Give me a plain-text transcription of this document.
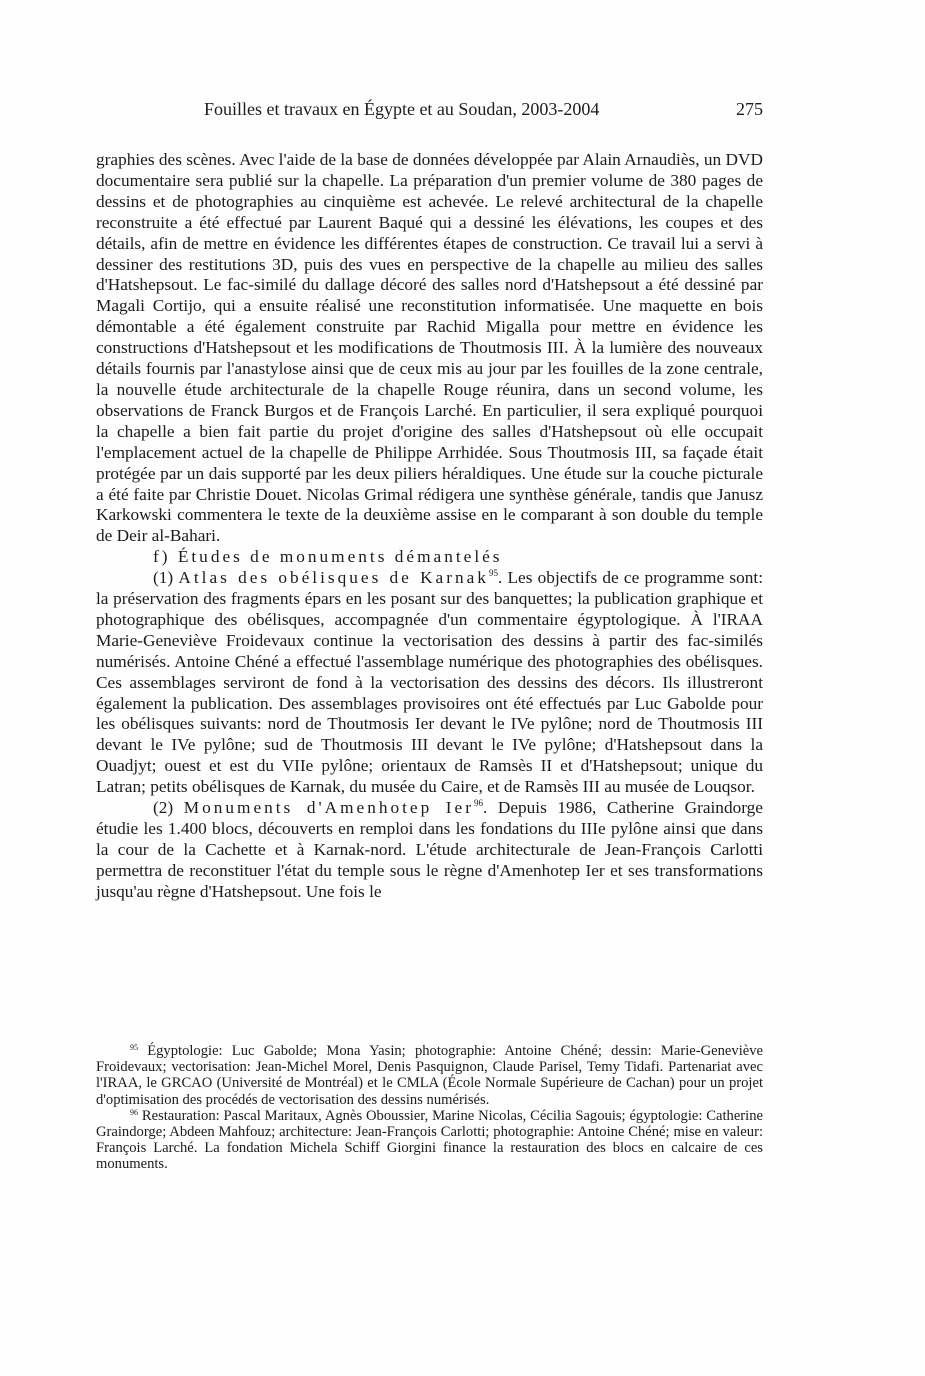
Fouilles et travaux en Égypte et au Soudan, 2003-2004	275

graphies des scènes. Avec l'aide de la base de données développée par Alain Arnaudiès, un DVD documentaire sera publié sur la chapelle. La préparation d'un premier volume de 380 pages de dessins et de photographies au cinquième est achevée. Le relevé architectural de la chapelle reconstruite a été effectué par Laurent Baqué qui a dessiné les élévations, les coupes et des détails, afin de mettre en évidence les différentes étapes de construction. Ce travail lui a servi à dessiner des restitutions 3D, puis des vues en perspective de la chapelle au milieu des salles d'Hatshepsout. Le fac-similé du dallage décoré des salles nord d'Hatshepsout a été dessiné par Magali Cortijo, qui a ensuite réalisé une reconstitution informatisée. Une maquette en bois démontable a été également construite par Rachid Migalla pour mettre en évidence les constructions d'Hatshepsout et les modifications de Thoutmosis III. À la lumière des nouveaux détails fournis par l'anastylose ainsi que de ceux mis au jour par les fouilles de la zone centrale, la nouvelle étude architecturale de la chapelle Rouge réunira, dans un second volume, les observations de Franck Burgos et de François Larché. En particulier, il sera expliqué pourquoi la chapelle a bien fait partie du projet d'origine des salles d'Hatshepsout où elle occupait l'emplacement actuel de la chapelle de Philippe Arrhidée. Sous Thoutmosis III, sa façade était protégée par un dais supporté par les deux piliers héraldiques. Une étude sur la couche picturale a été faite par Christie Douet. Nicolas Grimal rédigera une synthèse générale, tandis que Janusz Karkowski commentera le texte de la deuxième assise en le comparant à son double du temple de Deir al-Bahari.

f) Études de monuments démantelés

(1) Atlas des obélisques de Karnak$^{95}$. Les objectifs de ce programme sont: la préservation des fragments épars en les posant sur des banquettes; la publication graphique et photographique des obélisques, accompagnée d'un commentaire égyptologique. À l'IRAA Marie-Geneviève Froidevaux continue la vectorisation des dessins à partir des fac-similés numérisés. Antoine Chéné a effectué l'assemblage numérique des photographies des obélisques. Ces assemblages serviront de fond à la vectorisation des dessins des décors. Ils illustreront également la publication. Des assemblages provisoires ont été effectués par Luc Gabolde pour les obélisques suivants: nord de Thoutmosis Ier devant le IVe pylône; nord de Thoutmosis III devant le IVe pylône; sud de Thoutmosis III devant le IVe pylône; d'Hatshepsout dans la Ouadjyt; ouest et est du VIIe pylône; orientaux de Ramsès II et d'Hatshepsout; unique du Latran; petits obélisques de Karnak, du musée du Caire, et de Ramsès III au musée de Louqsor.

(2) Monuments d'Amenhotep Ier$^{96}$. Depuis 1986, Catherine Graindorge étudie les 1.400 blocs, découverts en remploi dans les fondations du IIIe pylône ainsi que dans la cour de la Cachette et à Karnak-nord. L'étude architecturale de Jean-François Carlotti permettra de reconstituer l'état du temple sous le règne d'Amenhotep Ier et ses transformations jusqu'au règne d'Hatshepsout. Une fois le

$^{95}$ Égyptologie: Luc Gabolde; Mona Yasin; photographie: Antoine Chéné; dessin: Marie-Geneviève Froidevaux; vectorisation: Jean-Michel Morel, Denis Pasquignon, Claude Parisel, Temy Tidafi. Partenariat avec l'IRAA, le GRCAO (Université de Montréal) et le CMLA (École Normale Supérieure de Cachan) pour un projet d'optimisation des procédés de vectorisation des dessins numérisés.

$^{96}$ Restauration: Pascal Maritaux, Agnès Oboussier, Marine Nicolas, Cécilia Sagouis; égyptologie: Catherine Graindorge; Abdeen Mahfouz; architecture: Jean-François Carlotti; photographie: Antoine Chéné; mise en valeur: François Larché. La fondation Michela Schiff Giorgini finance la restauration des blocs en calcaire de ces monuments.
